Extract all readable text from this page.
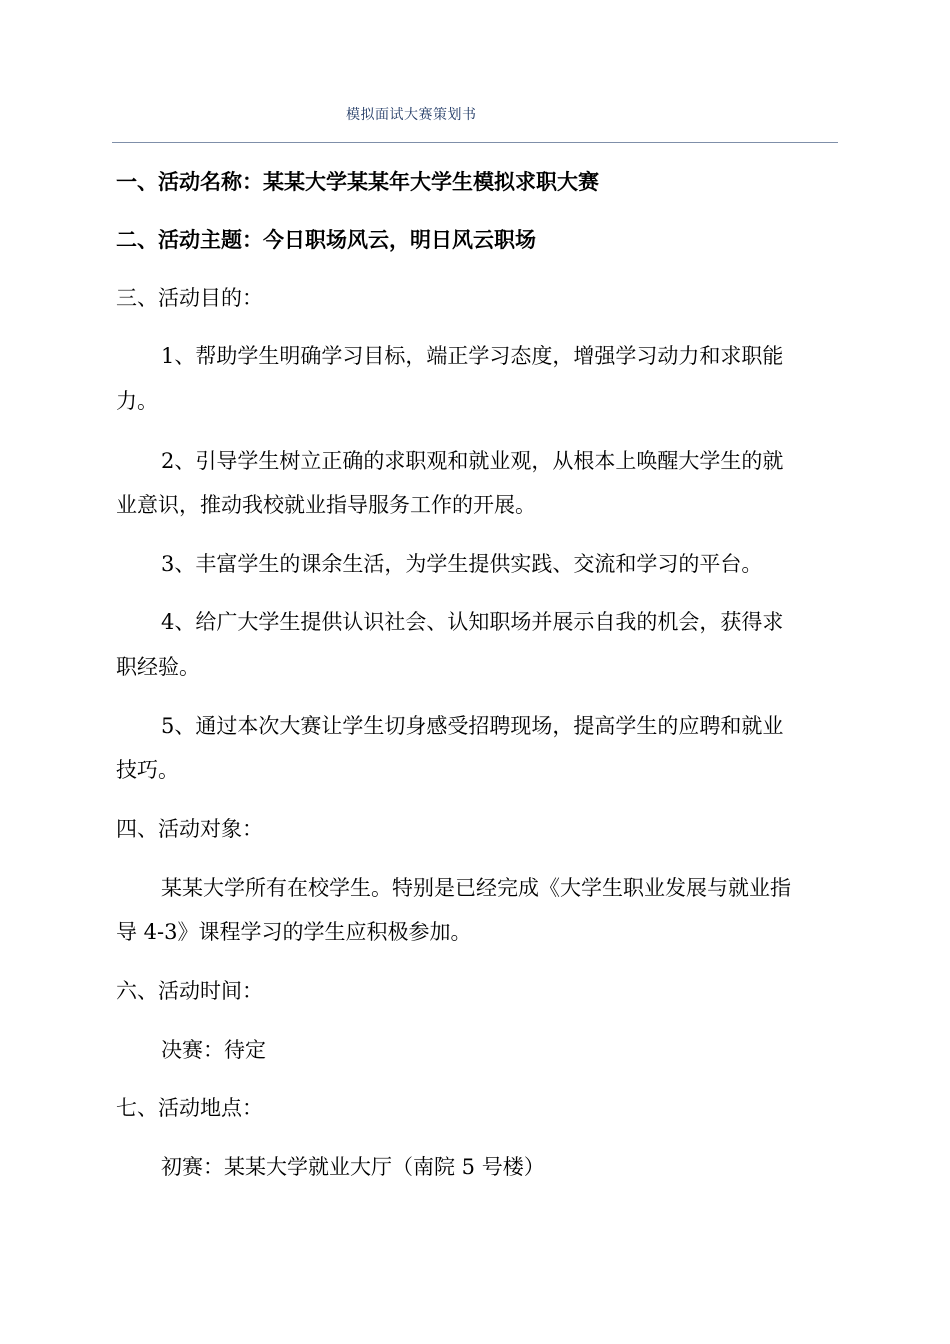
模拟面试大赛策划书

一、活动名称：某某大学某某年大学生模拟求职大赛

二、活动主题：今日职场风云，明日风云职场

三、活动目的：

1、帮助学生明确学习目标，端正学习态度，增强学习动力和求职能

力。

2、引导学生树立正确的求职观和就业观，从根本上唤醒大学生的就

业意识，推动我校就业指导服务工作的开展。

3、丰富学生的课余生活，为学生提供实践、交流和学习的平台。

4、给广大学生提供认识社会、认知职场并展示自我的机会，获得求

职经验。

5、通过本次大赛让学生切身感受招聘现场，提高学生的应聘和就业

技巧。

四、活动对象：

某某大学所有在校学生。特别是已经完成《大学生职业发展与就业指

导 4-3》课程学习的学生应积极参加。

六、活动时间：

决赛：待定

七、活动地点：

初赛：某某大学就业大厅（南院 5 号楼）
